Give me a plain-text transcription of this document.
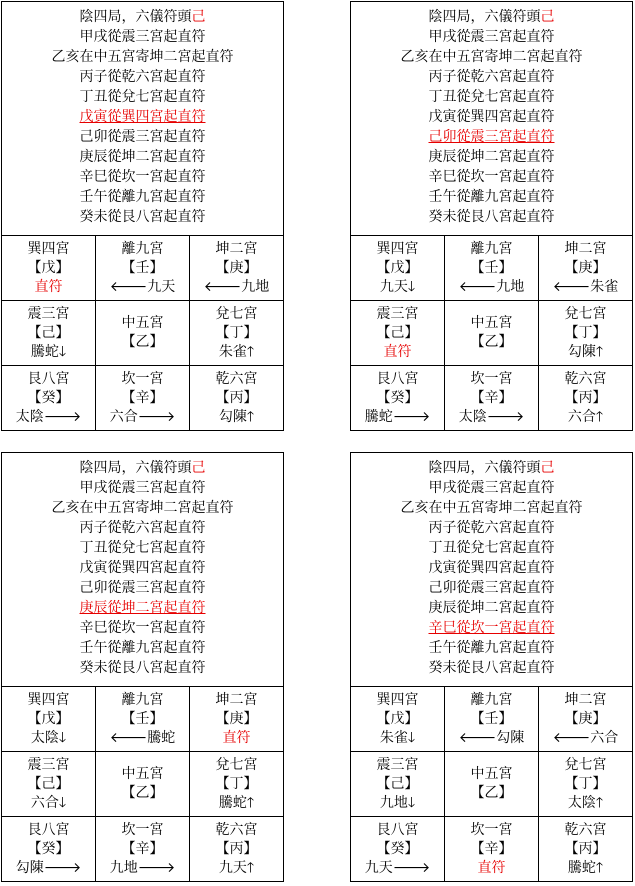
陰四局，六儀符頭己
甲戌從震三宮起直符
乙亥在中五宮寄坤二宮起直符
丙子從乾六宮起直符
丁丑從兌七宮起直符
戊寅從巽四宮起直符
己卯從震三宮起直符
庚辰從坤二宮起直符
辛巳從坎一宮起直符
壬午從離九宮起直符
癸未從艮八宮起直符
巽四宮
【戊】
直符
離九宮
【壬】
🡐九天
坤二宮
【庚】
🡐九地
震三宮
【己】
騰蛇🡓
中五宮
【乙】
兌七宮
【丁】
朱雀🡑
艮八宮
【癸】
太陰🡒
坎一宮
【辛】
六合🡒
乾六宮
【丙】
勾陳🡑
陰四局，六儀符頭己
甲戌從震三宮起直符
乙亥在中五宮寄坤二宮起直符
丙子從乾六宮起直符
丁丑從兌七宮起直符
戊寅從巽四宮起直符
己卯從震三宮起直符
庚辰從坤二宮起直符
辛巳從坎一宮起直符
壬午從離九宮起直符
癸未從艮八宮起直符
巽四宮
【戊】
九天🡓
離九宮
【壬】
🡐九地
坤二宮
【庚】
🡐朱雀
震三宮
【己】
直符
中五宮
【乙】
兌七宮
【丁】
勾陳🡑
艮八宮
【癸】
騰蛇🡒
坎一宮
【辛】
太陰🡒
乾六宮
【丙】
六合🡑
陰四局，六儀符頭己
甲戌從震三宮起直符
乙亥在中五宮寄坤二宮起直符
丙子從乾六宮起直符
丁丑從兌七宮起直符
戊寅從巽四宮起直符
己卯從震三宮起直符
庚辰從坤二宮起直符
辛巳從坎一宮起直符
壬午從離九宮起直符
癸未從艮八宮起直符
巽四宮
【戊】
太陰🡓
離九宮
【壬】
🡐騰蛇
坤二宮
【庚】
直符
震三宮
【己】
六合🡓
中五宮
【乙】
兌七宮
【丁】
騰蛇🡑
艮八宮
【癸】
勾陳🡒
坎一宮
【辛】
九地🡒
乾六宮
【丙】
九天🡑
陰四局，六儀符頭己
甲戌從震三宮起直符
乙亥在中五宮寄坤二宮起直符
丙子從乾六宮起直符
丁丑從兌七宮起直符
戊寅從巽四宮起直符
己卯從震三宮起直符
庚辰從坤二宮起直符
辛巳從坎一宮起直符
壬午從離九宮起直符
癸未從艮八宮起直符
巽四宮
【戊】
朱雀🡓
離九宮
【壬】
🡐勾陳
坤二宮
【庚】
🡐六合
震三宮
【己】
九地🡓
中五宮
【乙】
兌七宮
【丁】
太陰🡑
艮八宮
【癸】
九天🡒
坎一宮
【辛】
直符
乾六宮
【丙】
騰蛇🡑
